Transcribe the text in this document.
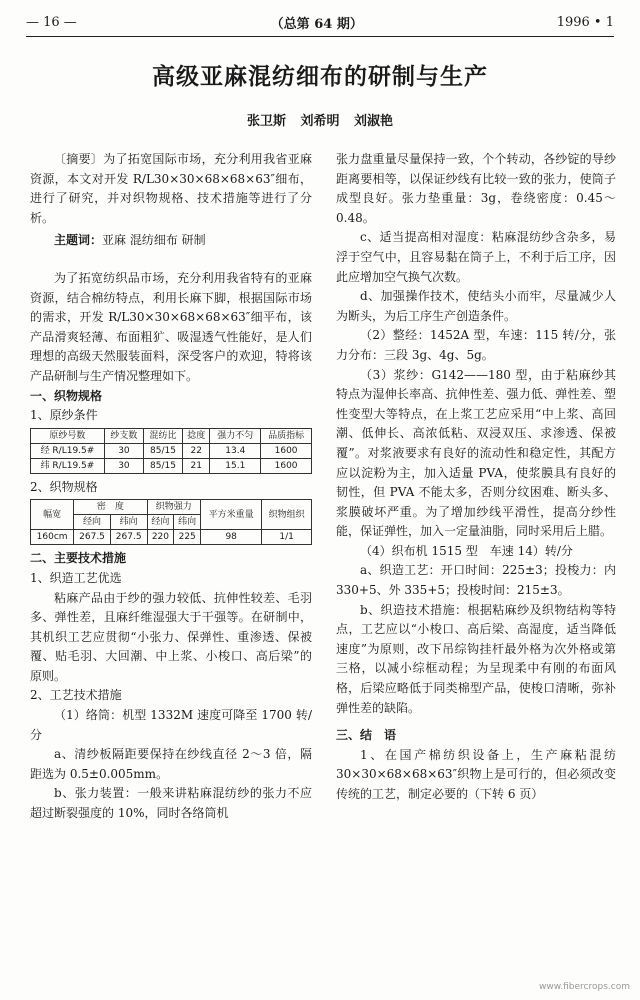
— 16 —	（总第 64 期）	1996 • 1
高级亚麻混纺细布的研制与生产
张卫斯 刘希明 刘淑艳

〔摘要〕为了拓宽国际市场，充分利用我省亚麻资源，本文对开发 R/L30×30×68×68×63″细布，进行了研究，并对织物规格、技术措施等进行了分析。

主题词：亚麻 混纺细布 研制

为了拓宽纺织品市场，充分利用我省特有的亚麻资源，结合棉纺特点，利用长麻下脚，根据国际市场的需求，开发 R/L30×30×68×68×63″细平布，该产品滑爽轻薄、布面粗犷、吸湿透气性能好，是人们理想的高级天然服装面料，深受客户的欢迎，特将该产品研制与生产情况整理如下。

一、织物规格

1、原纱条件

原纱号数	纱支数	混纺比	捻度	强力不匀	品质指标
经 R/L19.5#	30	85/15	22	13.4	1600
纬 R/L19.5#	30	85/15	21	15.1	1600

2、织物规格

幅宽	密　度		织物强力		平方米重量	织物组织
	经向	纬向	经向	纬向		
160cm	267.5	267.5	220	225	98	1/1

二、主要技术措施

1、织造工艺优选

粘麻产品由于纱的强力较低、抗伸性较差、毛羽多、弹性差，且麻纤维湿强大于干强等。在研制中，其机织工艺应贯彻“小张力、保弹性、重渗透、保被覆、贴毛羽、大回潮、中上浆、小梭口、高后梁”的原则。

2、工艺技术措施

（1）络筒：机型 1332M 速度可降至 1700 转/分

a、清纱板隔距要保持在纱线直径 2～3 倍，隔距选为 0.5±0.005mm。

b、张力装置：一般来讲粘麻混纺纱的张力不应超过断裂强度的 10%，同时各络筒机

张力盘重量尽量保持一致，个个转动，各纱锭的导纱距离要相等，以保证纱线有比较一致的张力，使筒子成型良好。张力垫重量：3g，卷绕密度：0.45～0.48。

c、适当提高相对湿度：粘麻混纺纱含杂多，易浮于空气中，且容易黏在筒子上，不利于后工序，因此应增加空气换气次数。

d、加强操作技术，使结头小而牢，尽量减少人为断头，为后工序生产创造条件。

（2）整经：1452A 型，车速：115 转/分，张力分布：三段 3g、4g、5g。

（3）浆纱：G142——180 型，由于粘麻纱其特点为湿伸长率高、抗伸性差、强力低、弹性差、塑性变型大等特点，在上浆工艺应采用“中上浆、高回潮、低伸长、高浓低粘、双浸双压、求渗透、保被覆”。对浆液要求有良好的流动性和稳定性，其配方应以淀粉为主，加入适量 PVA，使浆膜具有良好的韧性，但 PVA 不能太多，否则分纹困难、断头多、浆膜破坏严重。为了增加纱线平滑性，提高分纱性能，保证弹性，加入一定量油脂，同时采用后上腊。

（4）织布机 1515 型　车速 14）转/分

a、织造工艺：开口时间：225±3；投梭力：内 330+5、外 335+5；投梭时间：215±3。

b、织造技术措施：根据粘麻纱及织物结构等特点，工艺应以“小梭口、高后梁、高湿度，适当降低速度”为原则，改下吊综钩挂杆最外格为次外格或第三格，以减小综框动程；为呈现柔中有刚的布面风格，后梁应略低于同类棉型产品，使梭口清晰，弥补弹性差的缺陷。

三、结　语

1、在国产棉纺织设备上，生产麻粘混纺 30×30×68×68×63″织物上是可行的，但必须改变传统的工艺，制定必要的（下转 6 页）

www.fibercrops.com
